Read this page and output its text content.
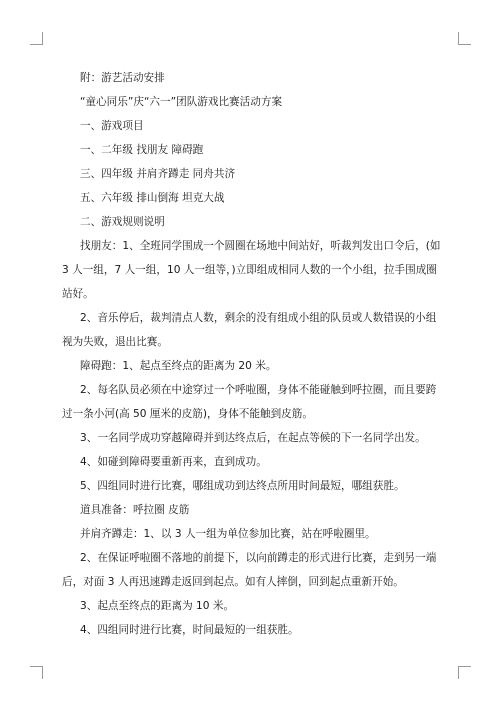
附：游艺活动安排

“童心同乐”庆“六一”团队游戏比赛活动方案

一、游戏项目

一、二年级 找朋友 障碍跑

三、四年级 并肩齐蹲走 同舟共济

五、六年级 排山倒海 坦克大战

二、游戏规则说明

找朋友：1、全班同学围成一个圆圈在场地中间站好，听裁判发出口令后，(如 3 人一组，7 人一组，10 人一组等，)立即组成相同人数的一个小组，拉手围成圈站好。

2、音乐停后，裁判清点人数，剩余的没有组成小组的队员或人数错误的小组视为失败，退出比赛。

障碍跑：1、起点至终点的距离为 20 米。

2、每名队员必须在中途穿过一个呼啦圈，身体不能碰触到呼拉圈，而且要跨过一条小河(高 50 厘米的皮筋)，身体不能触到皮筋。

3、一名同学成功穿越障碍并到达终点后，在起点等候的下一名同学出发。

4、如碰到障碍要重新再来，直到成功。

5、四组同时进行比赛，哪组成功到达终点所用时间最短，哪组获胜。

道具准备：呼拉圈 皮筋

并肩齐蹲走：1、以 3 人一组为单位参加比赛，站在呼啦圈里。

2、在保证呼啦圈不落地的前提下，以向前蹲走的形式进行比赛，走到另一端后，对面 3 人再迅速蹲走返回到起点。如有人摔倒，回到起点重新开始。

3、起点至终点的距离为 10 米。

4、四组同时进行比赛，时间最短的一组获胜。
